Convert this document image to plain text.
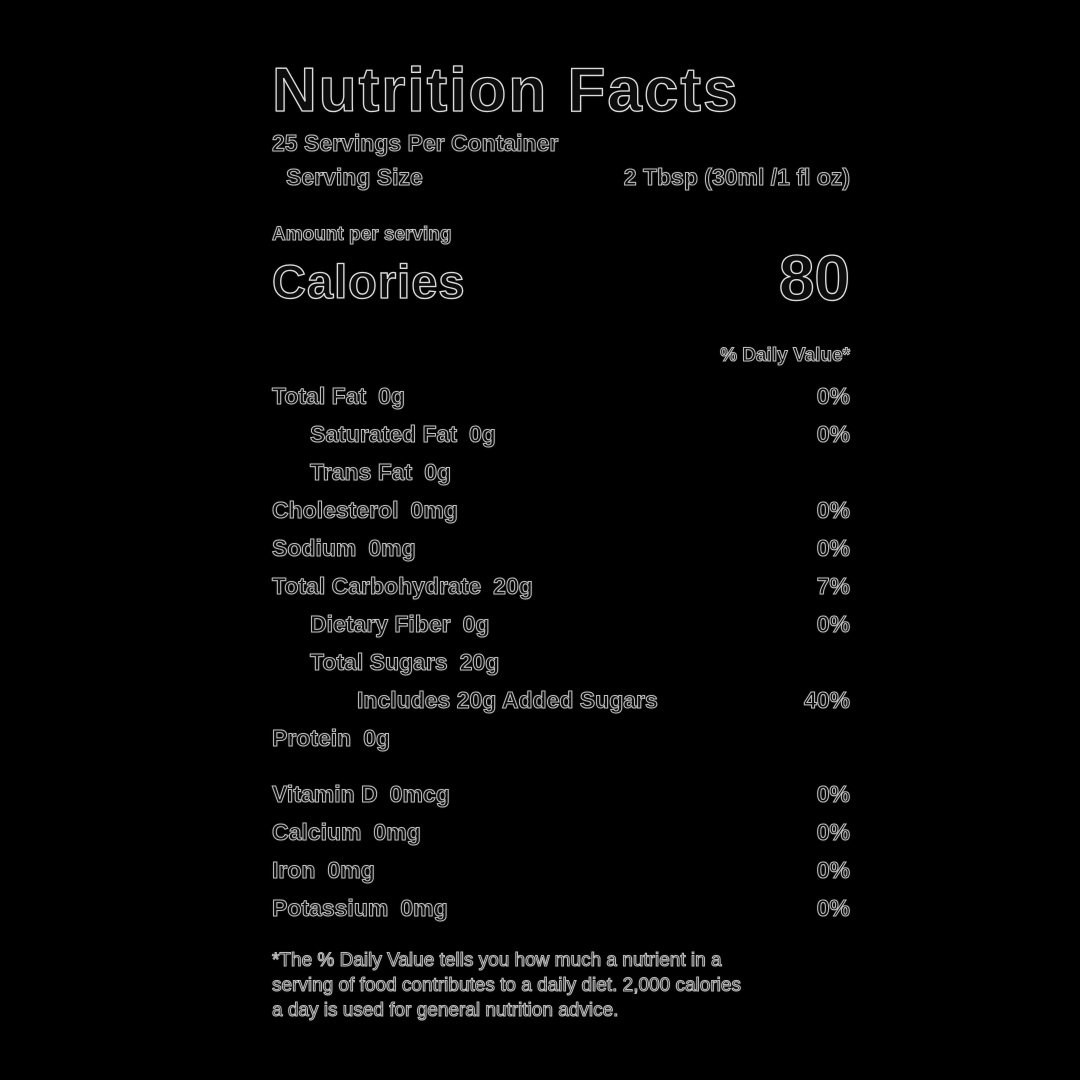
Nutrition Facts
25 Servings Per Container
Serving Size	2 Tbsp (30ml /1 fl oz)
Amount per serving
Calories	80
% Daily Value*
Total Fat 0g	0%
Saturated Fat 0g	0%
Trans Fat 0g
Cholesterol 0mg	0%
Sodium 0mg	0%
Total Carbohydrate 20g	7%
Dietary Fiber 0g	0%
Total Sugars 20g
Includes 20g Added Sugars	40%
Protein 0g
Vitamin D 0mcg	0%
Calcium 0mg	0%
Iron 0mg	0%
Potassium 0mg	0%
*The % Daily Value tells you how much a nutrient in a
serving of food contributes to a daily diet. 2,000 calories
a day is used for general nutrition advice.
